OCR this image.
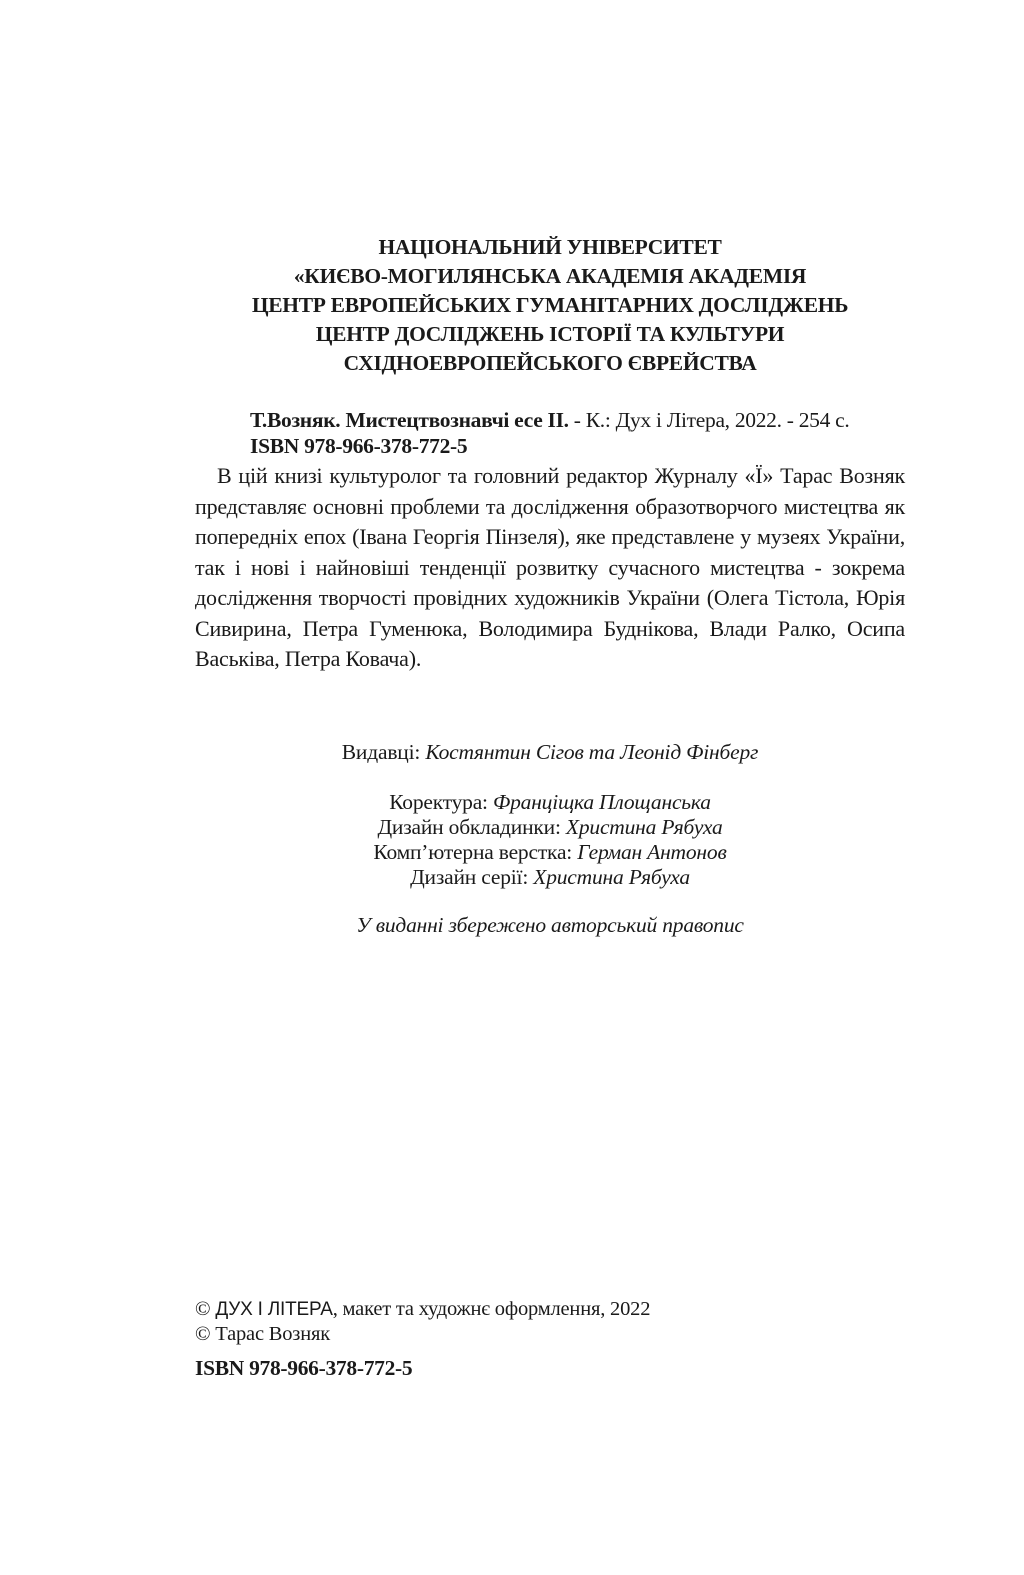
НАЦІОНАЛЬНИЙ УНІВЕРСИТЕТ
«КИЄВО-МОГИЛЯНСЬКА АКАДЕМІЯ АКАДЕМІЯ
ЦЕНТР ЕВРОПЕЙСЬКИХ ГУМАНІТАРНИХ ДОСЛІДЖЕНЬ
ЦЕНТР ДОСЛІДЖЕНЬ ІСТОРІЇ ТА КУЛЬТУРИ
СХІДНОЕВРОПЕЙСЬКОГО ЄВРЕЙСТВА
Т.Возняк. Мистецтвознавчі есе II. - К.: Дух і Літера, 2022. - 254 с.
ISBN 978-966-378-772-5

В цій книзі культуролог та головний редактор Журналу «Ї» Тарас Возняк представляє основні проблеми та дослідження образотворчого мистецтва як попередніх епох (Івана Георгія Пінзеля), яке представлене у музеях України, так і нові і найновіші тенденції розвитку сучасного мистецтва - зокрема дослідження творчості провідних художників України (Олега Тістола, Юрія Сивирина, Петра Гуменюка, Володимира Буднікова, Влади Ралко, Осипа Васьківа, Петра Ковача).

Видавці: Костянтин Сігов та Леонід Фінберг
Коректура: Франціщка Площанська
Дизайн обкладинки: Христина Рябуха
Комп’ютерна верстка: Герман Антонов
Дизайн серії: Христина Рябуха
У виданні збережено авторський правопис
© ДУХ І ЛІТЕРА, макет та художнє оформлення, 2022
© Тарас Возняк
ISBN 978-966-378-772-5
